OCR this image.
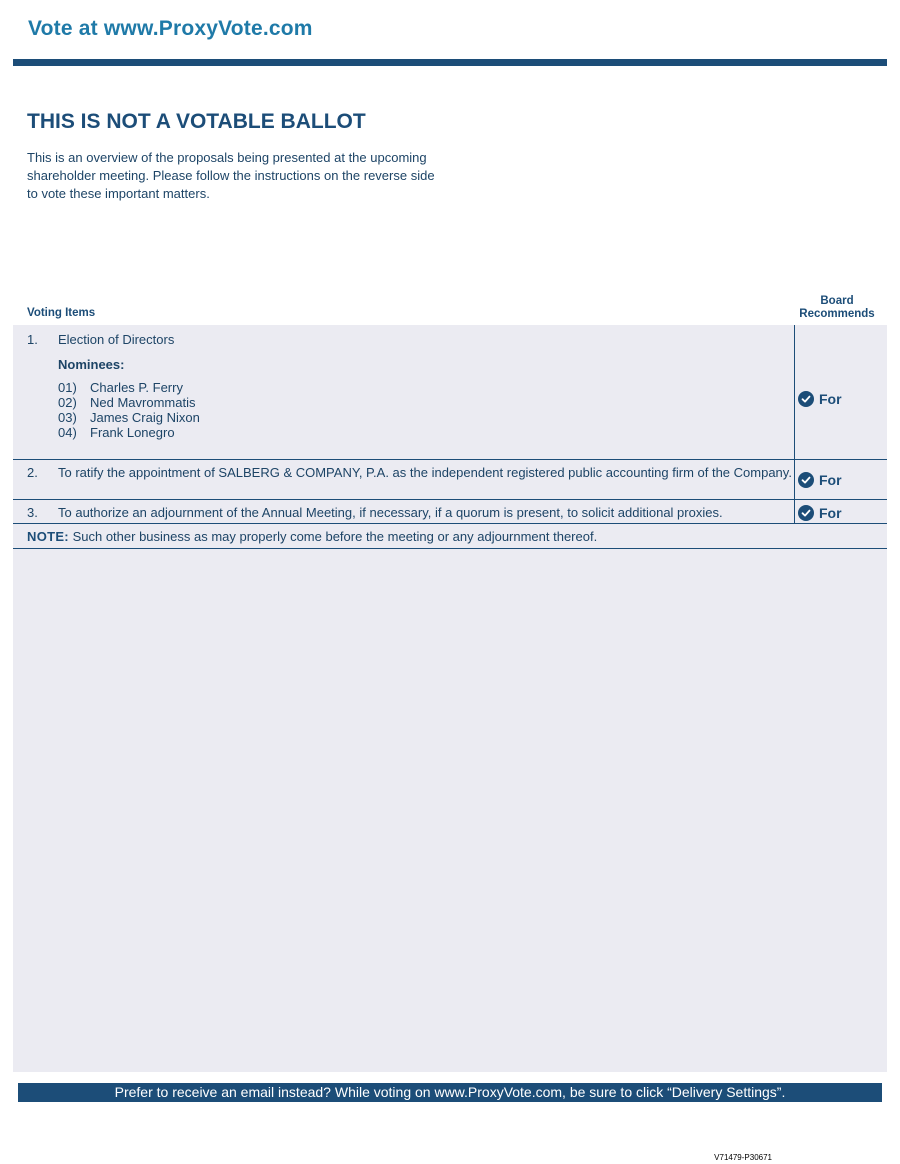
Vote at www.ProxyVote.com
THIS IS NOT A VOTABLE BALLOT
This is an overview of the proposals being presented at the upcoming shareholder meeting. Please follow the instructions on the reverse side to vote these important matters.
Voting Items
Board Recommends
1. Election of Directors
Nominees:
01)	Charles P. Ferry
02)	Ned Mavrommatis
03)	James Craig Nixon
04)	Frank Lonegro
For
2. To ratify the appointment of SALBERG & COMPANY, P.A. as the independent registered public accounting firm of the Company. For
3. To authorize an adjournment of the Annual Meeting, if necessary, if a quorum is present, to solicit additional proxies.	For
NOTE: Such other business as may properly come before the meeting or any adjournment thereof.
Prefer to receive an email instead? While voting on www.ProxyVote.com, be sure to click “Delivery Settings”.
V71479-P30671
